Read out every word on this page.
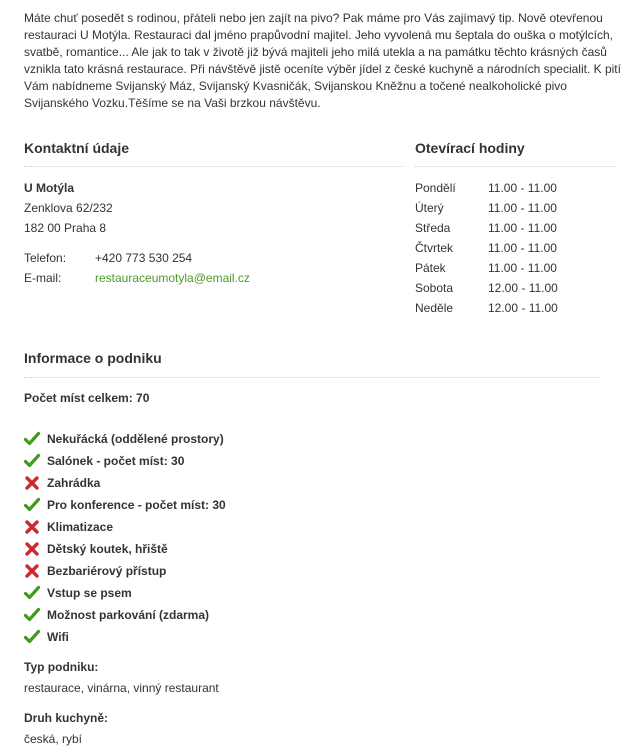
Máte chuť posedět s rodinou, přáteli nebo jen zajít na pivo? Pak máme pro Vás zajímavý tip. Nově otevřenou restauraci U Motýla. Restauraci dal jméno prapůvodní majitel. Jeho vyvolená mu šeptala do ouška o motýlcích, svatbě, romantice... Ale jak to tak v životě již bývá majiteli jeho milá utekla a na památku těchto krásných časů vznikla tato krásná restaurace. Při návštěvě jistě oceníte výběr jídel z české kuchyně a národních specialit. K pití Vám nabídneme Svijanský Máz, Svijanský Kvasničák, Svijanskou Kněžnu a točené nealkoholické pivo Svijanského Vozku.Těšíme se na Vaši brzkou návštěvu.

Kontaktní údaje
U Motýla
Zenklova 62/232
182 00 Praha 8
Telefon: +420 773 530 254
E-mail:	restauraceumotyla@email.cz
Otevírací hodiny
Pondělí	11.00 - 11.00
Úterý	11.00 - 11.00
Středa	11.00 - 11.00
Čtvrtek	11.00 - 11.00
Pátek	11.00 - 11.00
Sobota	12.00 - 11.00
Neděle	12.00 - 11.00
Informace o podniku
Počet míst celkem: 70
Nekuřácká (oddělené prostory)
Salónek - počet míst: 30
Zahrádka
Pro konference - počet míst: 30
Klimatizace
Dětský koutek, hřiště
Bezbariérový přístup
Vstup se psem
Možnost parkování (zdarma)
Wifi
Typ podniku:
restaurace, vinárna, vinný restaurant
Druh kuchyně:
česká, rybí
